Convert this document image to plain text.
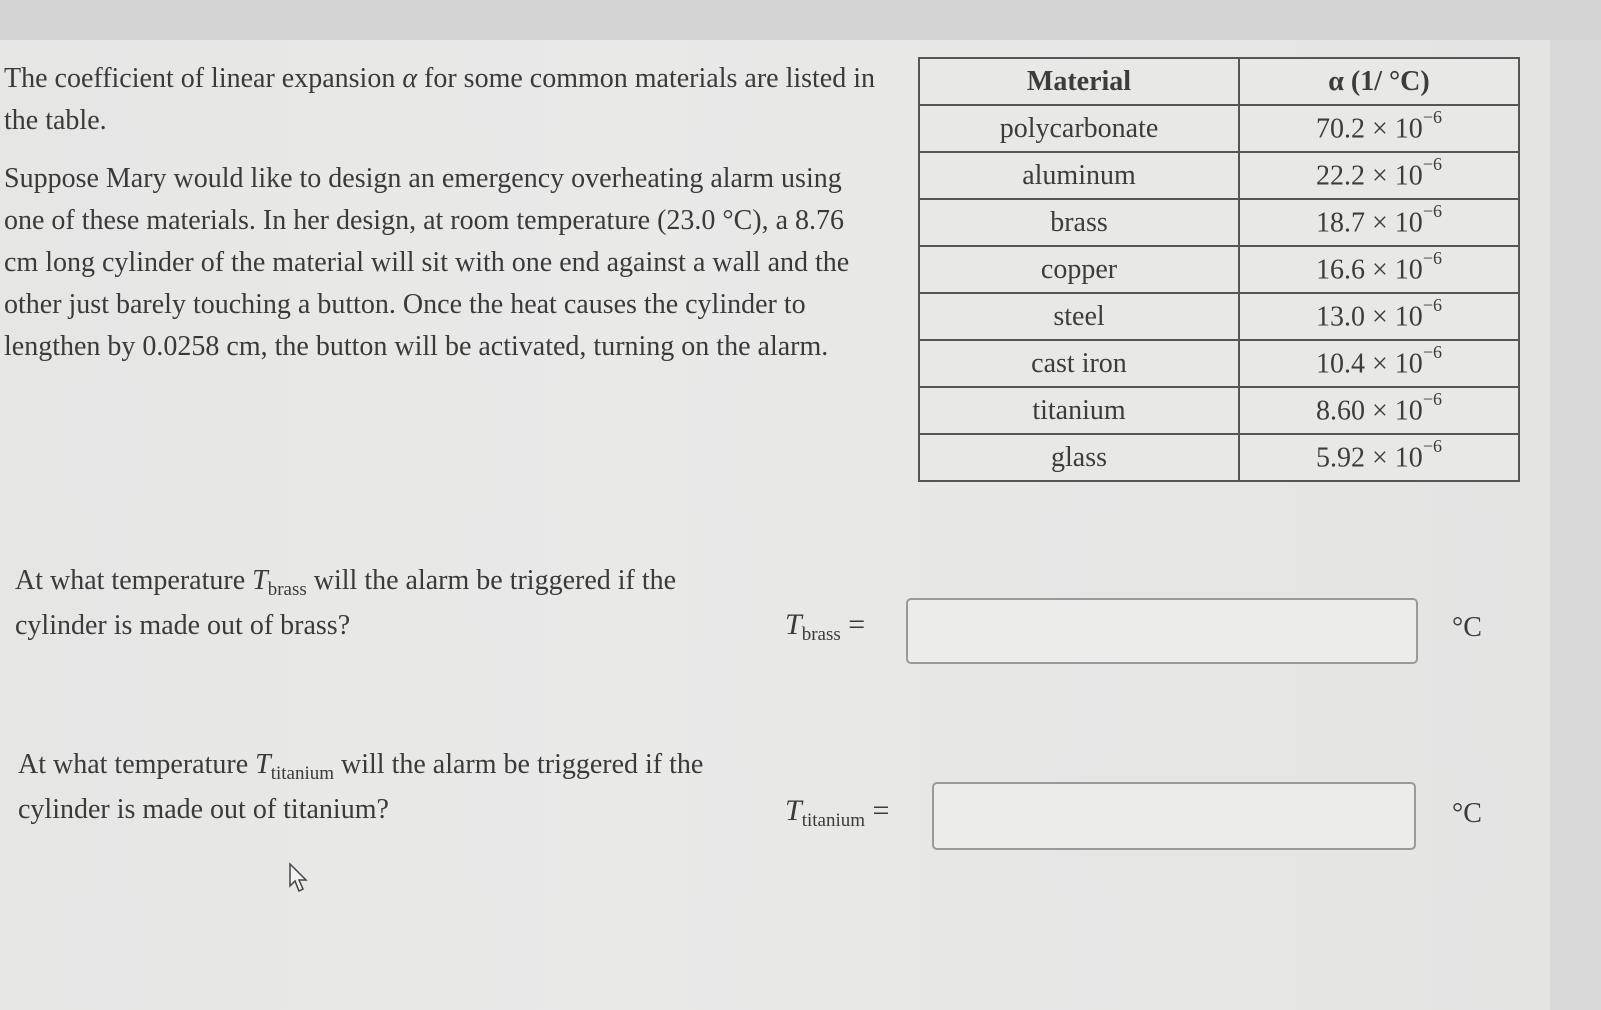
The coefficient of linear expansion α for some common materials are listed in the table.

Suppose Mary would like to design an emergency overheating alarm using one of these materials. In her design, at room temperature (23.0 °C), a 8.76 cm long cylinder of the material will sit with one end against a wall and the other just barely touching a button. Once the heat causes the cylinder to lengthen by 0.0258 cm, the button will be activated, turning on the alarm.

Material	α (1/ °C)
polycarbonate	$70.2 \times 10^{-6}$
aluminum	$22.2 \times 10^{-6}$
brass	$18.7 \times 10^{-6}$
copper	$16.6 \times 10^{-6}$
steel	$13.0 \times 10^{-6}$
cast iron	$10.4 \times 10^{-6}$
titanium	$8.60 \times 10^{-6}$
glass	$5.92 \times 10^{-6}$
At what temperature $T_{brass}$ will the alarm be triggered if the cylinder is made out of brass?	$T_{brass}$ =	°C
At what temperature $T_{titanium}$ will the alarm be triggered if the cylinder is made out of titanium?	$T_{titanium}$ =	°C
